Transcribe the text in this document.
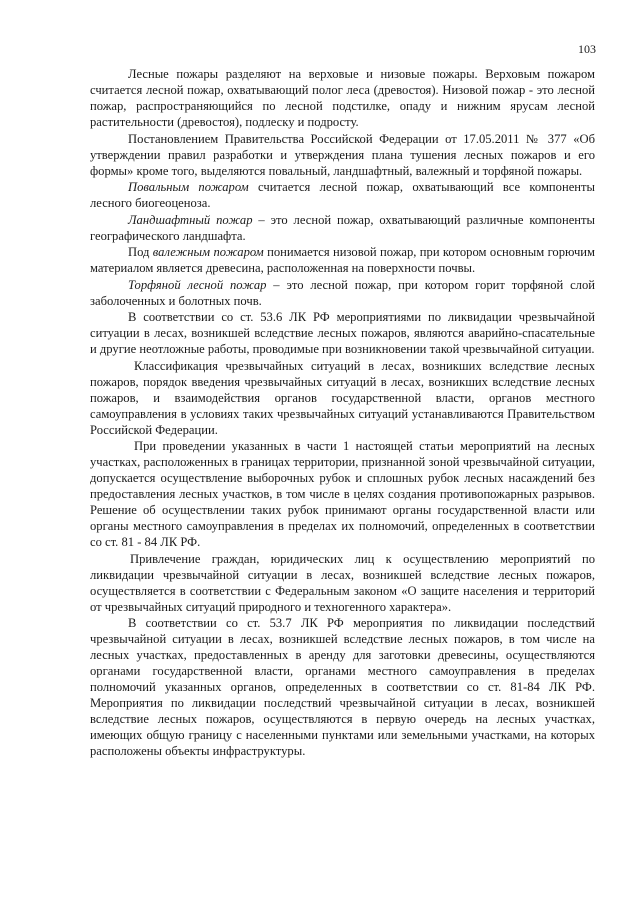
103

Лесные пожары разделяют на верховые и низовые пожары. Верховым пожаром считается лесной пожар, охватывающий полог леса (древостоя). Низовой пожар - это лесной пожар, распространяющийся по лесной подстилке, опаду и нижним ярусам лесной растительности (древостоя), подлеску и подросту.

Постановлением Правительства Российской Федерации от 17.05.2011 № 377 «Об утверждении правил разработки и утверждения плана тушения лесных пожаров и его формы» кроме того, выделяются повальный, ландшафтный, валежный и торфяной пожары.

Повальным пожаром считается лесной пожар, охватывающий все компоненты лесного биогеоценоза.

Ландшафтный пожар – это лесной пожар, охватывающий различные компоненты географического ландшафта.

Под валежным пожаром понимается низовой пожар, при котором основным горючим материалом является древесина, расположенная на поверхности почвы.

Торфяной лесной пожар – это лесной пожар, при котором горит торфяной слой заболоченных и болотных почв.

В соответствии со ст. 53.6 ЛК РФ мероприятиями по ликвидации чрезвычайной ситуации в лесах, возникшей вследствие лесных пожаров, являются аварийно-спасательные и другие неотложные работы, проводимые при возникновении такой чрезвычайной ситуации.

Классификация чрезвычайных ситуаций в лесах, возникших вследствие лесных пожаров, порядок введения чрезвычайных ситуаций в лесах, возникших вследствие лесных пожаров, и взаимодействия органов государственной власти, органов местного самоуправления в условиях таких чрезвычайных ситуаций устанавливаются Правительством Российской Федерации.

При проведении указанных в части 1 настоящей статьи мероприятий на лесных участках, расположенных в границах территории, признанной зоной чрезвычайной ситуации, допускается осуществление выборочных рубок и сплошных рубок лесных насаждений без предоставления лесных участков, в том числе в целях создания противопожарных разрывов. Решение об осуществлении таких рубок принимают органы государственной власти или органы местного самоуправления в пределах их полномочий, определенных в соответствии со ст. 81 - 84 ЛК РФ.

Привлечение граждан, юридических лиц к осуществлению мероприятий по ликвидации чрезвычайной ситуации в лесах, возникшей вследствие лесных пожаров, осуществляется в соответствии с Федеральным законом «О защите населения и территорий от чрезвычайных ситуаций природного и техногенного характера».

В соответствии со ст. 53.7 ЛК РФ мероприятия по ликвидации последствий чрезвычайной ситуации в лесах, возникшей вследствие лесных пожаров, в том числе на лесных участках, предоставленных в аренду для заготовки древесины, осуществляются органами государственной власти, органами местного самоуправления в пределах полномочий указанных органов, определенных в соответствии со ст. 81-84 ЛК РФ. Мероприятия по ликвидации последствий чрезвычайной ситуации в лесах, возникшей вследствие лесных пожаров, осуществляются в первую очередь на лесных участках, имеющих общую границу с населенными пунктами или земельными участками, на которых расположены объекты инфраструктуры.
